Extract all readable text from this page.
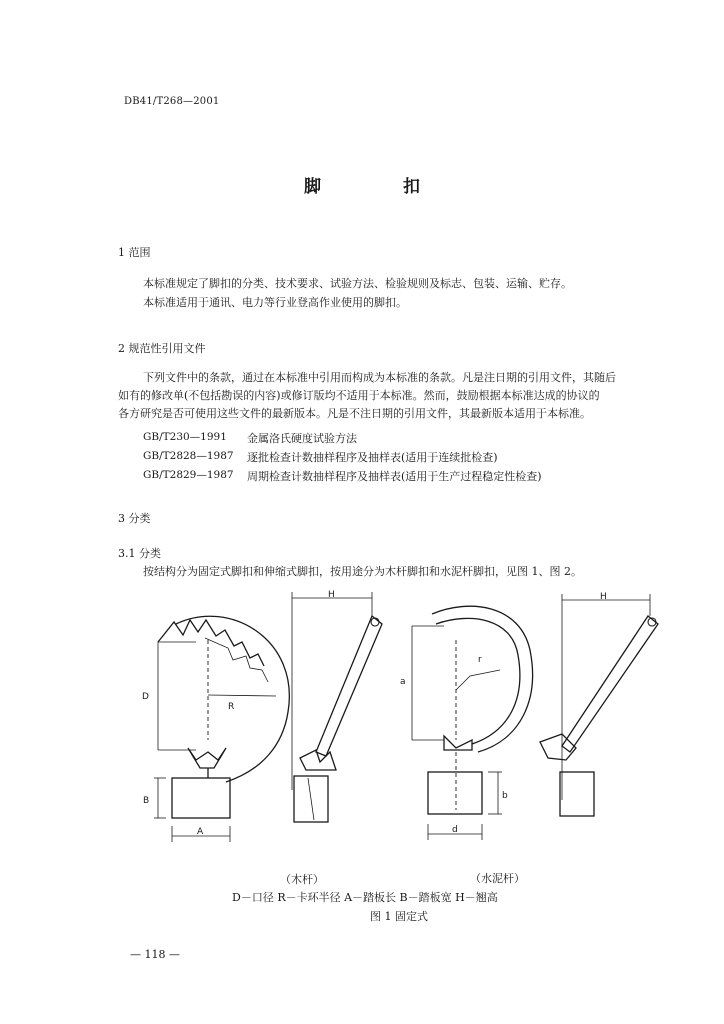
DB41/T268—2001
脚 扣
1 范围
本标准规定了脚扣的分类、技术要求、试验方法、检验规则及标志、包装、运输、贮存。
本标准适用于通讯、电力等行业登高作业使用的脚扣。
2 规范性引用文件
下列文件中的条款，通过在本标准中引用而构成为本标准的条款。凡是注日期的引用文件，其随后
如有的修改单(不包括勘误的内容)或修订版均不适用于本标准。然而，鼓励根据本标准达成的协议的
各方研究是否可使用这些文件的最新版本。凡是不注日期的引用文件，其最新版本适用于本标准。
GB/T230—1991 金属洛氏硬度试验方法
GB/T2828—1987 逐批检查计数抽样程序及抽样表(适用于连续批检查)
GB/T2829—1987 周期检查计数抽样程序及抽样表(适用于生产过程稳定性检查)
3 分类
3.1 分类
按结构分为固定式脚扣和伸缩式脚扣，按用途分为木杆脚扣和水泥杆脚扣，见图 1、图 2。
D
R
A
B
H
a
r
b
d
H
（木杆）	（水泥杆）
D－口径 R－卡环半径 A－踏板长 B－踏板宽 H－翘高
图 1 固定式
— 118 —
